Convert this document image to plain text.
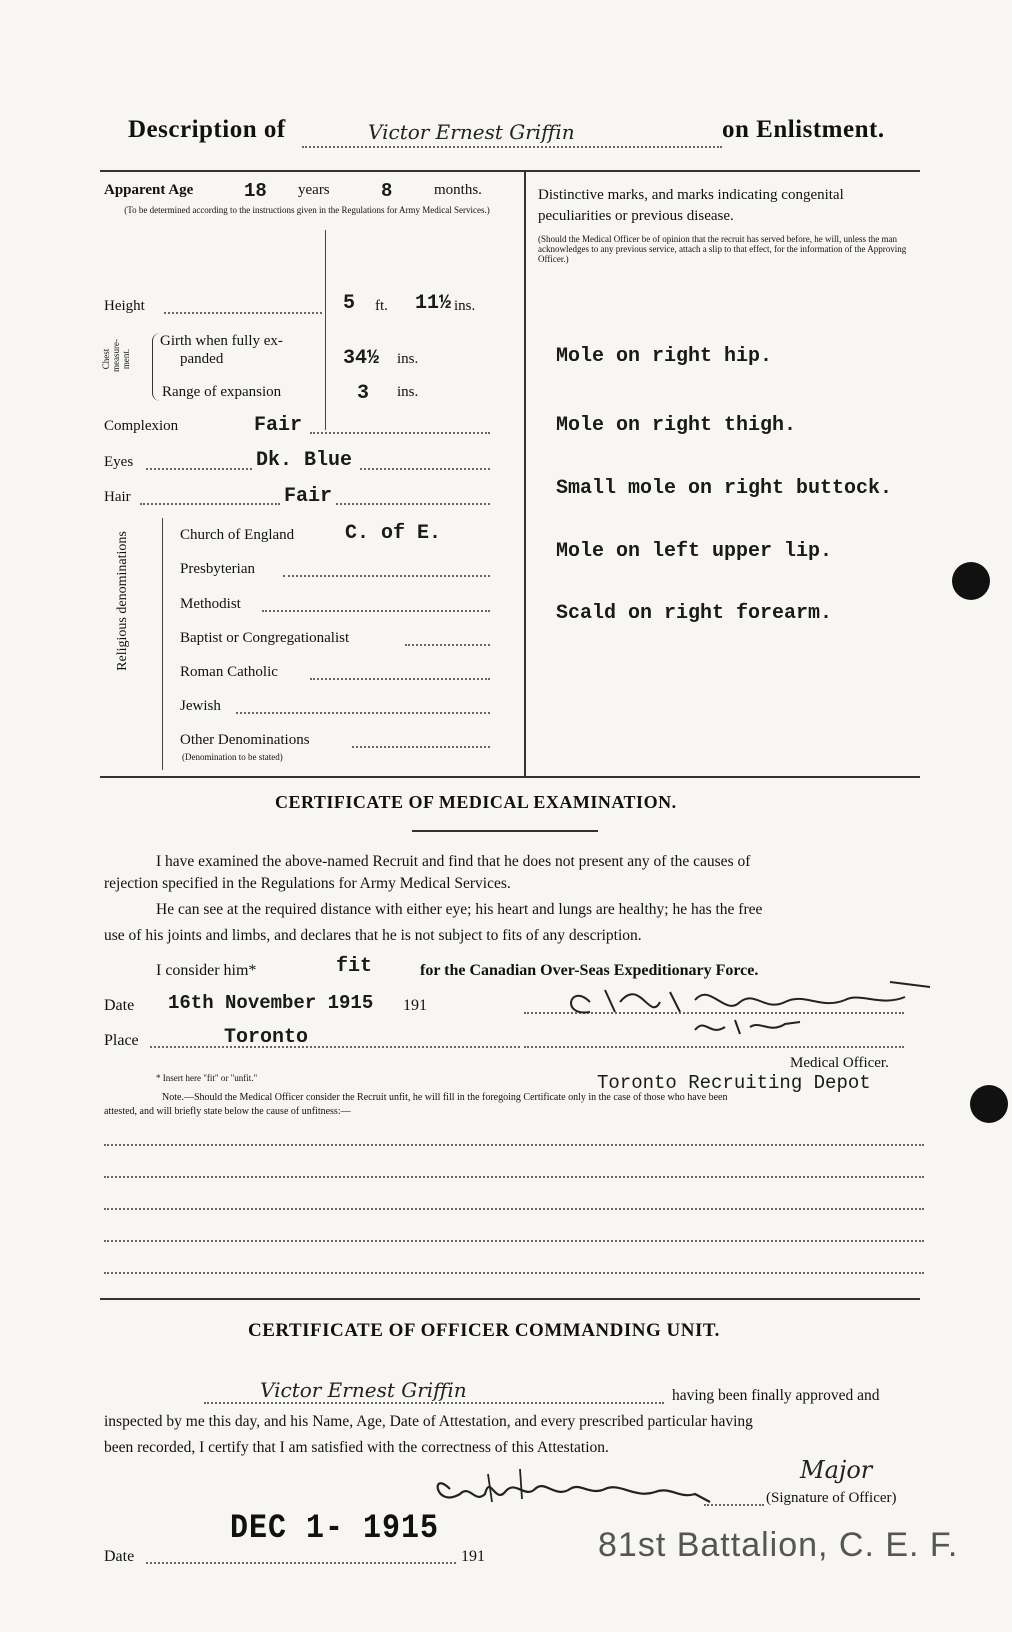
Description of	Victor Ernest Griffin	on Enlistment.
Apparent Age	18 years	8	months.
(To be determined according to the instructions given in the Regulations for Army Medical Services.)
Height	5 ft. 11½ ins.
Chest measure- ment.
Girth when fully ex-
panded	34½ ins.
Range of expansion	3 ins.
Complexion	Fair
Eyes	Dk. Blue
Hair	Fair
Religious denominations	Church of England	C. of E.
Presbyterian
Methodist
Baptist or Congregationalist
Roman Catholic
Jewish
Other Denominations
(Denomination to be stated)
Distinctive marks, and marks indicating congenital
peculiarities or previous disease.
(Should the Medical Officer be of opinion that the recruit has served before, he will, unless the man acknowledges to any previous service, attach a slip to that effect, for the information of the Approving Officer.)
Mole on right hip.
Mole on right thigh.
Small mole on right buttock.
Mole on left upper lip.
Scald on right forearm.
CERTIFICATE OF MEDICAL EXAMINATION.
I have examined the above-named Recruit and find that he does not present any of the causes of
rejection specified in the Regulations for Army Medical Services.
He can see at the required distance with either eye; his heart and lungs are healthy; he has the free
use of his joints and limbs, and declares that he is not subject to fits of any description.
I consider him*	fit	for the Canadian Over-Seas Expeditionary Force.
Date 16th November 1915 191
Place	Toronto
Medical Officer.
* Insert here "fit" or "unfit."	Toronto Recruiting Depot
Note.—Should the Medical Officer consider the Recruit unfit, he will fill in the foregoing Certificate only in the case of those who have been
attested, and will briefly state below the cause of unfitness:—
CERTIFICATE OF OFFICER COMMANDING UNIT.
Victor Ernest Griffin	having been finally approved and
inspected by me this day, and his Name, Age, Date of Attestation, and every prescribed particular having
been recorded, I certify that I am satisfied with the correctness of this Attestation.
Major
(Signature of Officer)
Date
DEC 1- 1915
191	81st Battalion, C. E. F.
